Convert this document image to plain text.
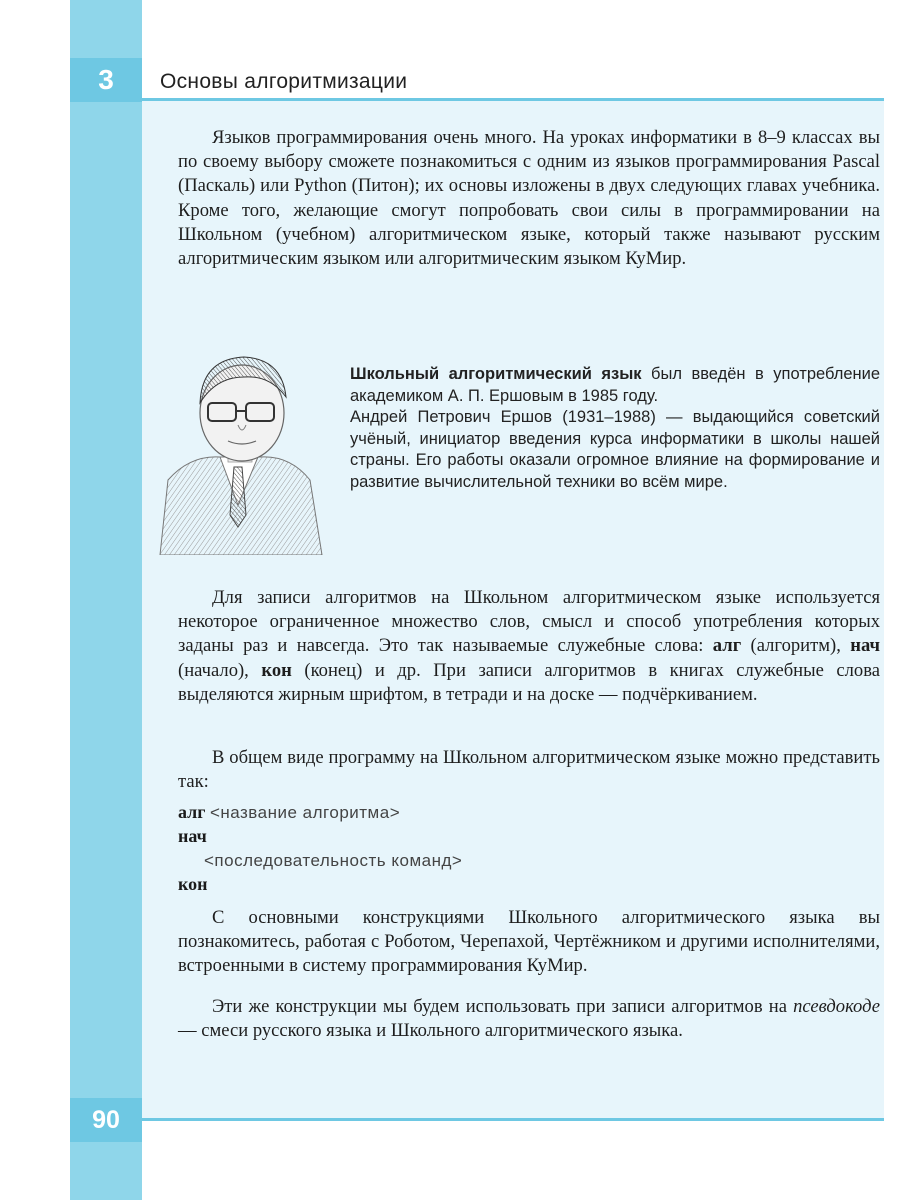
3	Основы алгоритмизации

Языков программирования очень много. На уроках информатики в 8–9 классах вы по своему выбору сможете познакомиться с одним из языков программирования Pascal (Паскаль) или Python (Питон); их основы изложены в двух следующих главах учебника. Кроме того, желающие смогут попробовать свои силы в программировании на Школьном (учебном) алгоритмическом языке, который также называют русским алгоритмическим языком или алгоритмическим языком КуМир.

Школьный алгоритмический язык был введён в употребление академиком А. П. Ершовым в 1985 году.

Андрей Петрович Ершов (1931–1988) — выдающийся советский учёный, инициатор введения курса информатики в школы нашей страны. Его работы оказали огромное влияние на формирование и развитие вычислительной техники во всём мире.

Для записи алгоритмов на Школьном алгоритмическом языке используется некоторое ограниченное множество слов, смысл и способ употребления которых заданы раз и навсегда. Это так называемые служебные слова: алг (алгоритм), нач (начало), кон (конец) и др. При записи алгоритмов в книгах служебные слова выделяются жирным шрифтом, в тетради и на доске — подчёркиванием.

В общем виде программу на Школьном алгоритмическом языке можно представить так:

алг <название алгоритма>
нач
<последовательность команд>
кон

С основными конструкциями Школьного алгоритмического языка вы познакомитесь, работая с Роботом, Черепахой, Чертёжником и другими исполнителями, встроенными в систему программирования КуМир.

Эти же конструкции мы будем использовать при записи алгоритмов на псевдокоде — смеси русского языка и Школьного алгоритмического языка.

90
